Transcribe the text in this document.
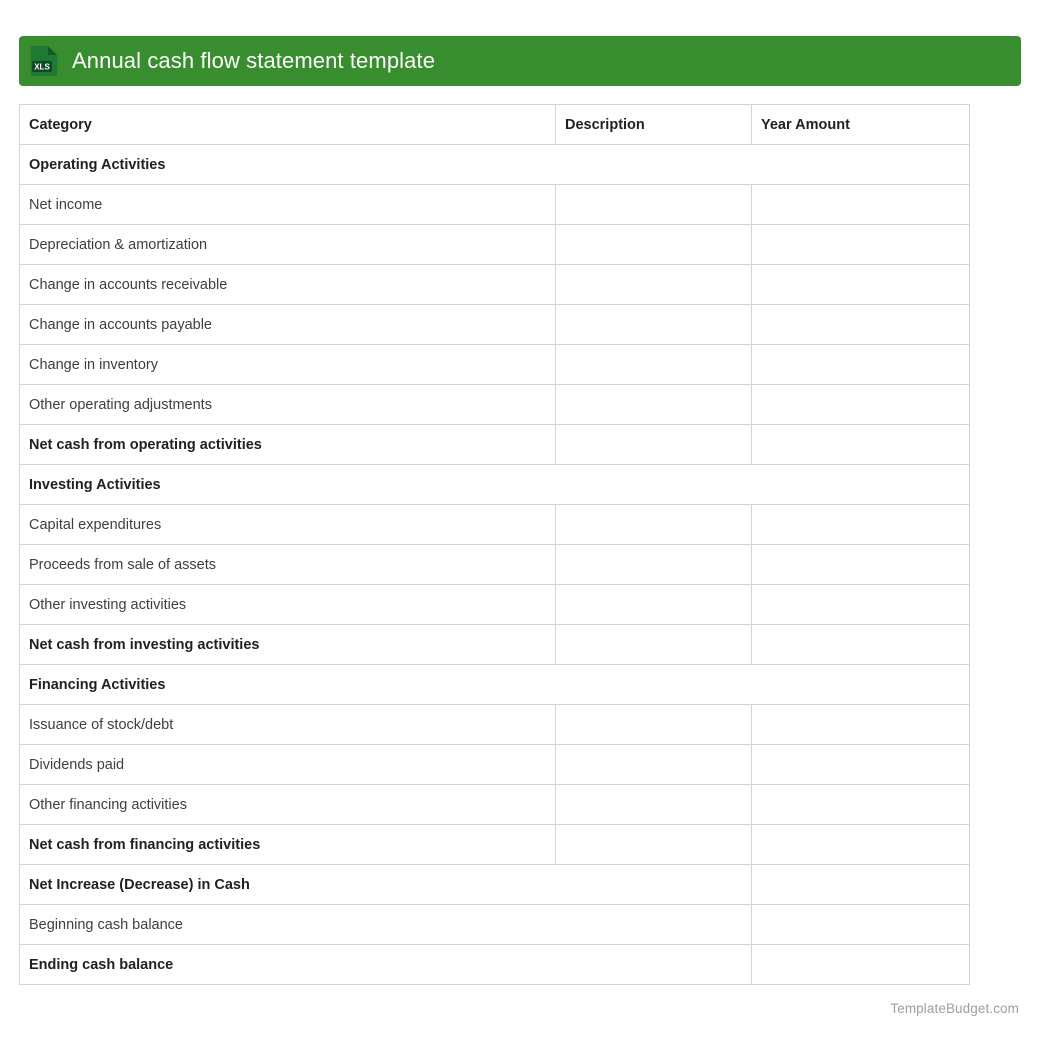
XLS Annual cash flow statement template
Category	Description	Year Amount
Operating Activities		
Net income		
Depreciation & amortization		
Change in accounts receivable		
Change in accounts payable		
Change in inventory		
Other operating adjustments		
Net cash from operating activities		
Investing Activities		
Capital expenditures		
Proceeds from sale of assets		
Other investing activities		
Net cash from investing activities		
Financing Activities		
Issuance of stock/debt		
Dividends paid		
Other financing activities		
Net cash from financing activities		
Net Increase (Decrease) in Cash		
Beginning cash balance		
Ending cash balance		
TemplateBudget.com
